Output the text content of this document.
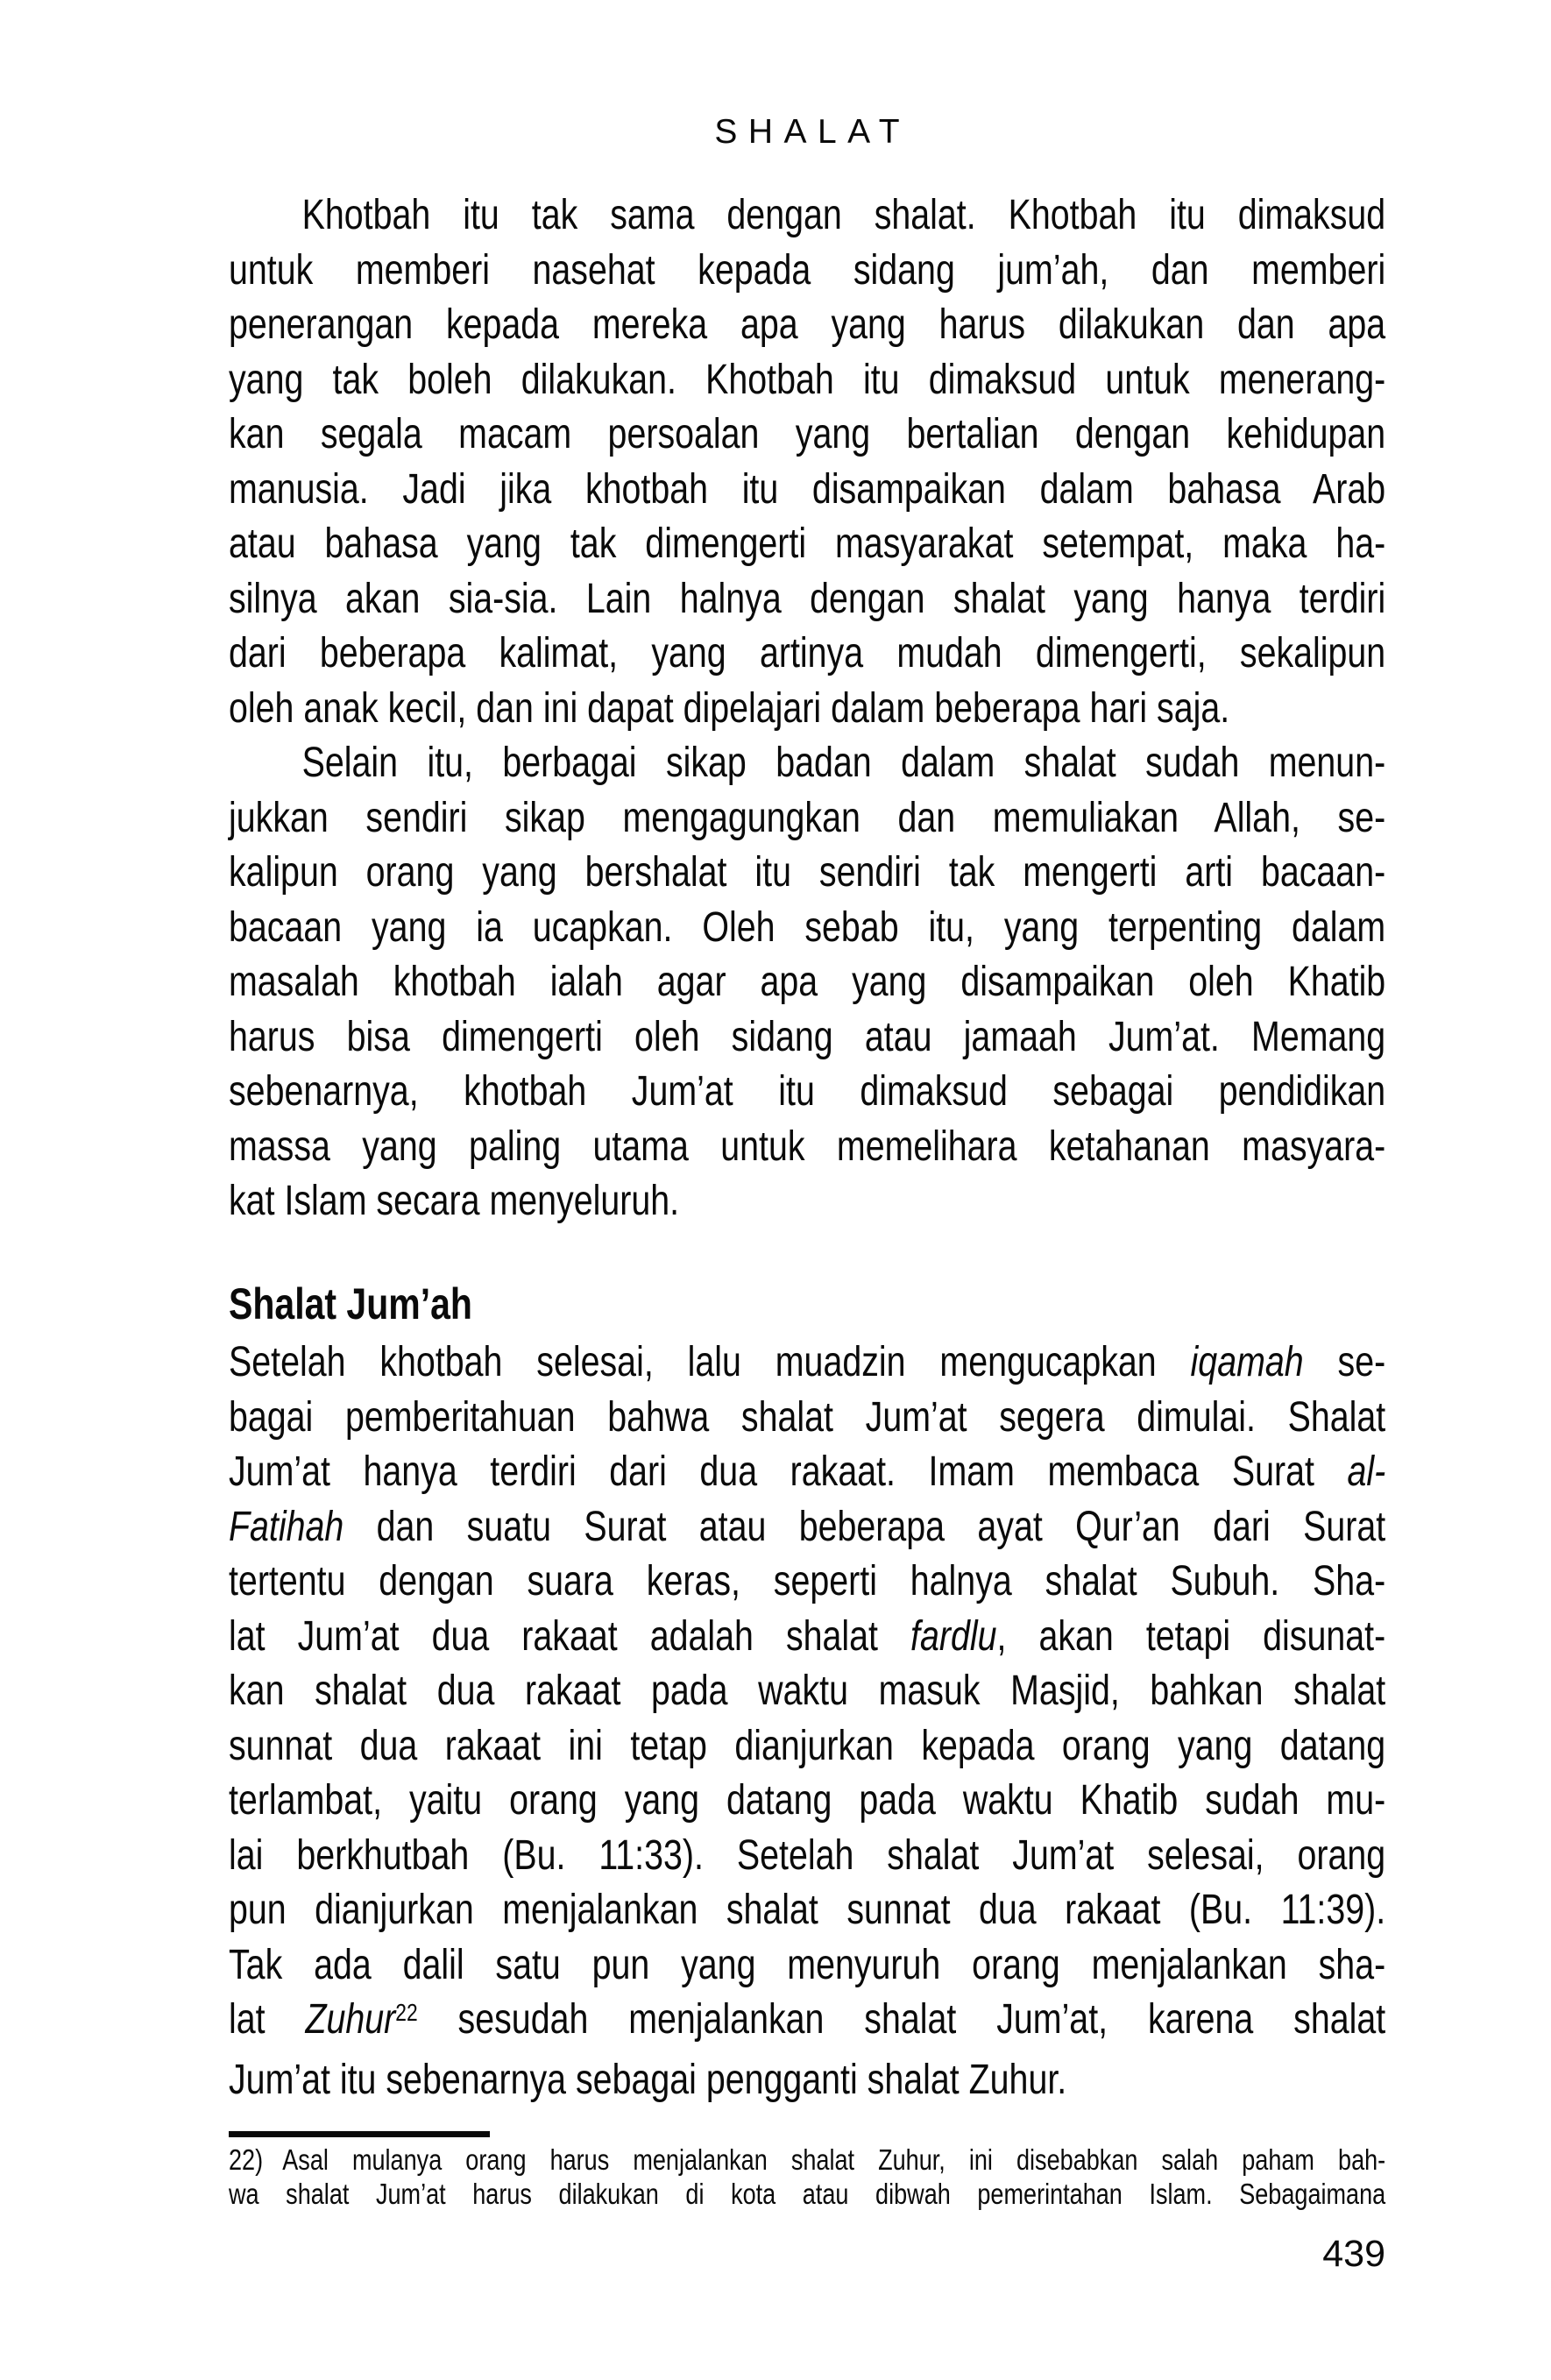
SHALAT
Khotbah itu tak sama dengan shalat. Khotbah itu dimaksud
untuk memberi nasehat kepada sidang jum’ah, dan memberi
penerangan kepada mereka apa yang harus dilakukan dan apa
yang tak boleh dilakukan. Khotbah itu dimaksud untuk menerang-
kan segala macam persoalan yang bertalian dengan kehidupan
manusia. Jadi jika khotbah itu disampaikan dalam bahasa Arab
atau bahasa yang tak dimengerti masyarakat setempat, maka ha-
silnya akan sia-sia. Lain halnya dengan shalat yang hanya terdiri
dari beberapa kalimat, yang artinya mudah dimengerti, sekalipun
oleh anak kecil, dan ini dapat dipelajari dalam beberapa hari saja.
Selain itu, berbagai sikap badan dalam shalat sudah menun-
jukkan sendiri sikap mengagungkan dan memuliakan Allah, se-
kalipun orang yang bershalat itu sendiri tak mengerti arti bacaan-
bacaan yang ia ucapkan. Oleh sebab itu, yang terpenting dalam
masalah khotbah ialah agar apa yang disampaikan oleh Khatib
harus bisa dimengerti oleh sidang atau jamaah Jum’at. Memang
sebenarnya, khotbah Jum’at itu dimaksud sebagai pendidikan
massa yang paling utama untuk memelihara ketahanan masyara-
kat Islam secara menyeluruh.
Shalat Jum’ah
Setelah khotbah selesai, lalu muadzin mengucapkan iqamah se-
bagai pemberitahuan bahwa shalat Jum’at segera dimulai. Shalat
Jum’at hanya terdiri dari dua rakaat. Imam membaca Surat al-
Fatihah dan suatu Surat atau beberapa ayat Qur’an dari Surat
tertentu dengan suara keras, seperti halnya shalat Subuh. Sha-
lat Jum’at dua rakaat adalah shalat fardlu, akan tetapi disunat-
kan shalat dua rakaat pada waktu masuk Masjid, bahkan shalat
sunnat dua rakaat ini tetap dianjurkan kepada orang yang datang
terlambat, yaitu orang yang datang pada waktu Khatib sudah mu-
lai berkhutbah (Bu. 11:33). Setelah shalat Jum’at selesai, orang
pun dianjurkan menjalankan shalat sunnat dua rakaat (Bu. 11:39).
Tak ada dalil satu pun yang menyuruh orang menjalankan sha-
lat Zuhur$^{22}$ sesudah menjalankan shalat Jum’at, karena shalat
Jum’at itu sebenarnya sebagai pengganti shalat Zuhur.
22) Asal mulanya orang harus menjalankan shalat Zuhur, ini disebabkan salah paham bah-
wa shalat Jum’at harus dilakukan di kota atau dibwah pemerintahan Islam. Sebagaimana
439
